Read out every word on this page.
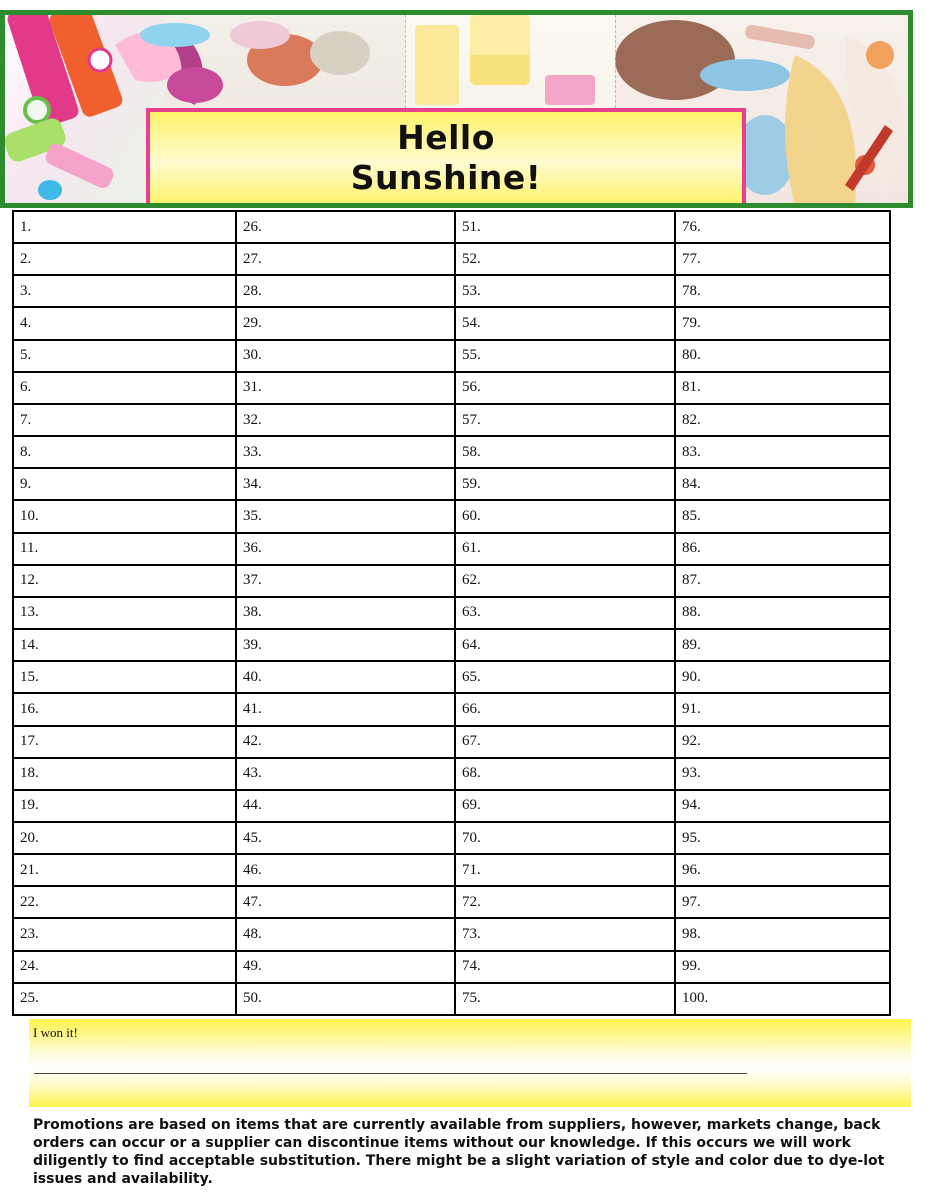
Hello
Sunshine!
1.	26.	51.	76.
2.	27.	52.	77.
3.	28.	53.	78.
4.	29.	54.	79.
5.	30.	55.	80.
6.	31.	56.	81.
7.	32.	57.	82.
8.	33.	58.	83.
9.	34.	59.	84.
10.	35.	60.	85.
11.	36.	61.	86.
12.	37.	62.	87.
13.	38.	63.	88.
14.	39.	64.	89.
15.	40.	65.	90.
16.	41.	66.	91.
17.	42.	67.	92.
18.	43.	68.	93.
19.	44.	69.	94.
20.	45.	70.	95.
21.	46.	71.	96.
22.	47.	72.	97.
23.	48.	73.	98.
24.	49.	74.	99.
25.	50.	75.	100.
I won it!
Promotions are based on items that are currently available from suppliers, however, markets change, back orders can occur or a supplier can discontinue items without our knowledge. If this occurs we will work diligently to find acceptable substitution. There might be a slight variation of style and color due to dye-lot issues and availability.
